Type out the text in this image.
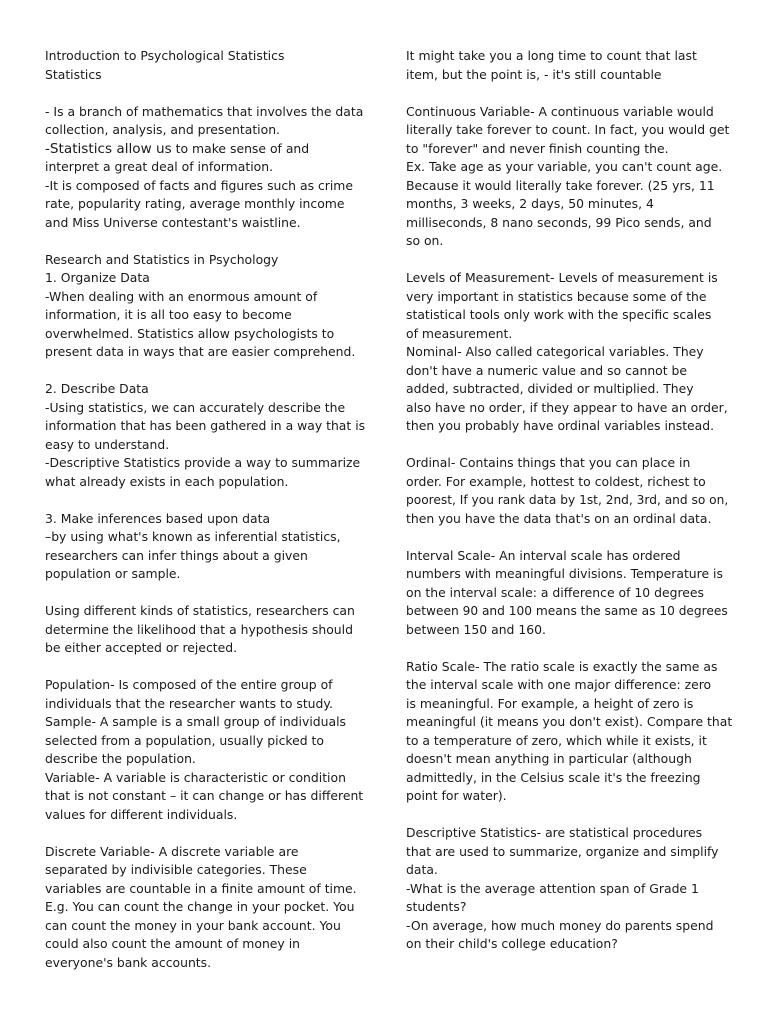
Introduction to Psychological Statistics
Statistics
- Is a branch of mathematics that involves the data
collection, analysis, and presentation.
-Statistics allow us to make sense of and
interpret a great deal of information.
-It is composed of facts and figures such as crime
rate, popularity rating, average monthly income
and Miss Universe contestant's waistline.
Research and Statistics in Psychology
1. Organize Data
-When dealing with an enormous amount of
information, it is all too easy to become
overwhelmed. Statistics allow psychologists to
present data in ways that are easier comprehend.
2. Describe Data
-Using statistics, we can accurately describe the
information that has been gathered in a way that is
easy to understand.
-Descriptive Statistics provide a way to summarize
what already exists in each population.
3. Make inferences based upon data
–by using what's known as inferential statistics,
researchers can infer things about a given
population or sample.
Using different kinds of statistics, researchers can
determine the likelihood that a hypothesis should
be either accepted or rejected.
Population- Is composed of the entire group of
individuals that the researcher wants to study.
Sample- A sample is a small group of individuals
selected from a population, usually picked to
describe the population.
Variable- A variable is characteristic or condition
that is not constant – it can change or has different
values for different individuals.
Discrete Variable- A discrete variable are
separated by indivisible categories. These
variables are countable in a finite amount of time.
E.g. You can count the change in your pocket. You
can count the money in your bank account. You
could also count the amount of money in
everyone's bank accounts.
It might take you a long time to count that last
item, but the point is, - it's still countable
Continuous Variable- A continuous variable would
literally take forever to count. In fact, you would get
to "forever" and never finish counting the.
Ex. Take age as your variable, you can't count age.
Because it would literally take forever. (25 yrs, 11
months, 3 weeks, 2 days, 50 minutes, 4
milliseconds, 8 nano seconds, 99 Pico sends, and
so on.
Levels of Measurement- Levels of measurement is
very important in statistics because some of the
statistical tools only work with the specific scales
of measurement.
Nominal- Also called categorical variables. They
don't have a numeric value and so cannot be
added, subtracted, divided or multiplied. They
also have no order, if they appear to have an order,
then you probably have ordinal variables instead.
Ordinal- Contains things that you can place in
order. For example, hottest to coldest, richest to
poorest, If you rank data by 1st, 2nd, 3rd, and so on,
then you have the data that's on an ordinal data.
Interval Scale- An interval scale has ordered
numbers with meaningful divisions. Temperature is
on the interval scale: a difference of 10 degrees
between 90 and 100 means the same as 10 degrees
between 150 and 160.
Ratio Scale- The ratio scale is exactly the same as
the interval scale with one major difference: zero
is meaningful. For example, a height of zero is
meaningful (it means you don't exist). Compare that
to a temperature of zero, which while it exists, it
doesn't mean anything in particular (although
admittedly, in the Celsius scale it's the freezing
point for water).
Descriptive Statistics- are statistical procedures
that are used to summarize, organize and simplify
data.
-What is the average attention span of Grade 1
students?
-On average, how much money do parents spend
on their child's college education?
